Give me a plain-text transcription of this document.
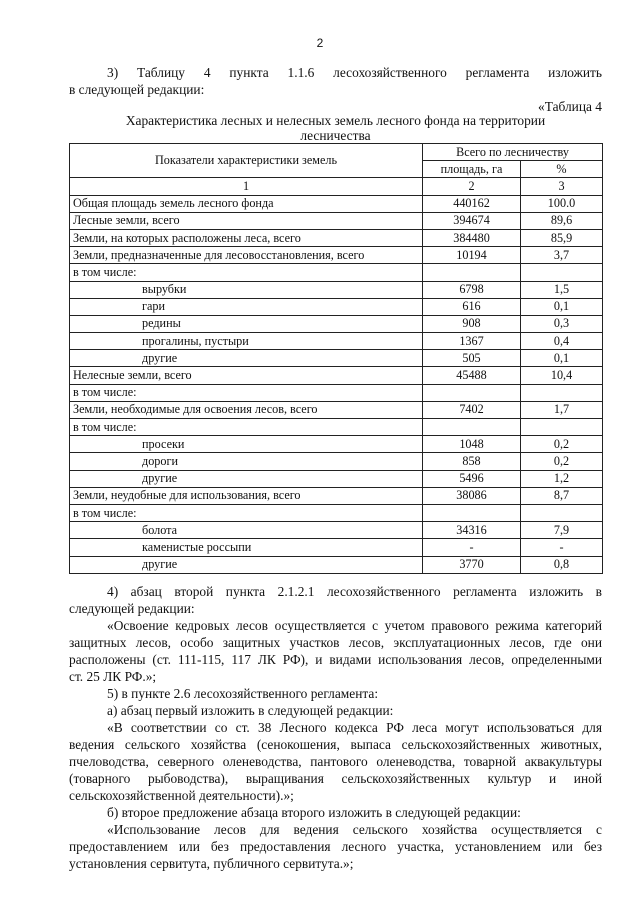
2

3) Таблицу 4 пункта 1.1.6 лесохозяйственного регламента изложить

в следующей редакции:

«Таблица 4

Характеристика лесных и нелесных земель лесного фонда на территории

лесничества

Показатели характеристики земель	Всего по лесничеству	
	площадь, га	%
1	2	3
Общая площадь земель лесного фонда	440162	100.0
Лесные земли, всего	394674	89,6
Земли, на которых расположены леса, всего	384480	85,9
Земли, предназначенные для лесовосстановления, всего	10194	3,7
в том числе:		
вырубки	6798	1,5
гари	616	0,1
редины	908	0,3
прогалины, пустыри	1367	0,4
другие	505	0,1
Нелесные земли, всего	45488	10,4
в том числе:		
Земли, необходимые для освоения лесов, всего	7402	1,7
в том числе:		
просеки	1048	0,2
дороги	858	0,2
другие	5496	1,2
Земли, неудобные для использования, всего	38086	8,7
в том числе:		
болота	34316	7,9
каменистые россыпи	-	-
другие	3770	0,8

4) абзац второй пункта 2.1.2.1 лесохозяйственного регламента изложить в

следующей редакции:

«Освоение кедровых лесов осуществляется с учетом правового режима категорий

защитных лесов, особо защитных участков лесов, эксплуатационных лесов, где они

расположены (ст. 111-115, 117 ЛК РФ), и видами использования лесов, определенными

ст. 25 ЛК РФ.»;

5) в пункте 2.6 лесохозяйственного регламента:

а) абзац первый изложить в следующей редакции:

«В соответствии со ст. 38 Лесного кодекса РФ леса могут использоваться для

ведения сельского хозяйства (сенокошения, выпаса сельскохозяйственных животных,

пчеловодства, северного оленеводства, пантового оленеводства, товарной аквакультуры

(товарного рыбоводства), выращивания сельскохозяйственных культур и иной

сельскохозяйственной деятельности).»;

б) второе предложение абзаца второго изложить в следующей редакции:

«Использование лесов для ведения сельского хозяйства осуществляется с

предоставлением или без предоставления лесного участка, установлением или без

установления сервитута, публичного сервитута.»;
